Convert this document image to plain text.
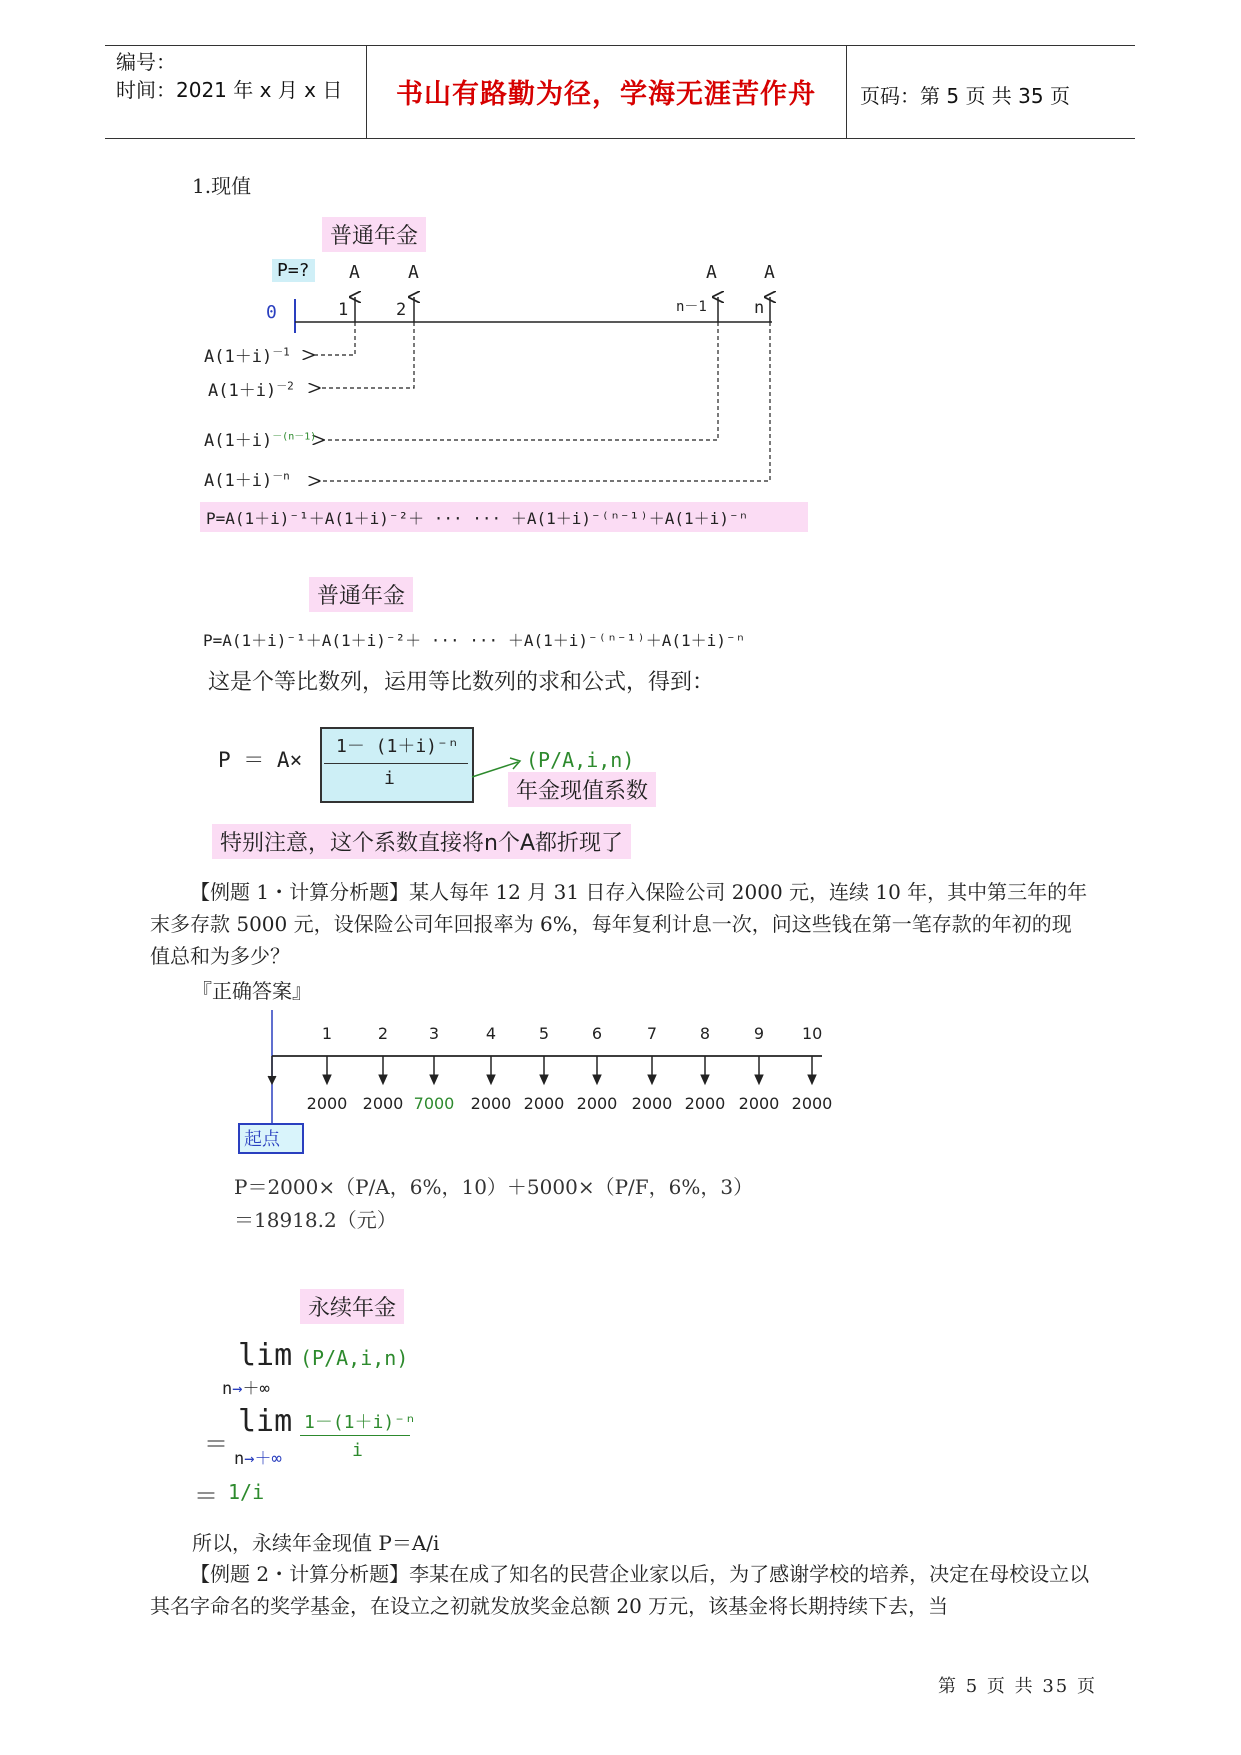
编号：
时间：2021 年 x 月 x 日	书山有路勤为径，学海无涯苦作舟	页码：第 5 页 共 35 页
1.现值
普通年金
P=?
0
A	A	A	A
1	2	n－1	n
$A(1+i)^{-1}$
$A(1+i)^{-2}$
$A(1+i)^{-(n-1)}$
$A(1+i)^{-n}$
P=A(1＋i)⁻¹＋A(1＋i)⁻²＋ ··· ··· ＋A(1＋i)⁻⁽ⁿ⁻¹⁾＋A(1＋i)⁻ⁿ
普通年金
P=A(1＋i)⁻¹＋A(1＋i)⁻²＋ ··· ··· ＋A(1＋i)⁻⁽ⁿ⁻¹⁾＋A(1＋i)⁻ⁿ
这是个等比数列，运用等比数列的求和公式，得到：
P ＝ A×
1－ (1＋i)⁻ⁿ
i
(P/A,i,n)
年金现值系数
特别注意，这个系数直接将n个A都折现了
【例题 1・计算分析题】某人每年 12 月 31 日存入保险公司 2000 元，连续 10 年，其中第三年的年末多存款 5000 元，设保险公司年回报率为 6%，每年复利计息一次，问这些钱在第一笔存款的年初的现值总和为多少？
『正确答案』
起点
1	2	3	4	5	6	7	8	9	10
2000 2000 7000	2000 2000 2000 2000 2000 2000 2000
P＝2000×（P/A，6%，10）＋5000×（P/F，6%，3）
＝18918.2（元）
永续年金
lim
n→＋∞
(P/A,i,n)
＝
lim
n→＋∞
1－(1＋i)⁻ⁿ
i
＝ 1/i
所以，永续年金现值 P＝A/i
【例题 2・计算分析题】李某在成了知名的民营企业家以后，为了感谢学校的培养，决定在母校设立以其名字命名的奖学基金，在设立之初就发放奖金总额 20 万元，该基金将长期持续下去，当
第 5 页 共 35 页
